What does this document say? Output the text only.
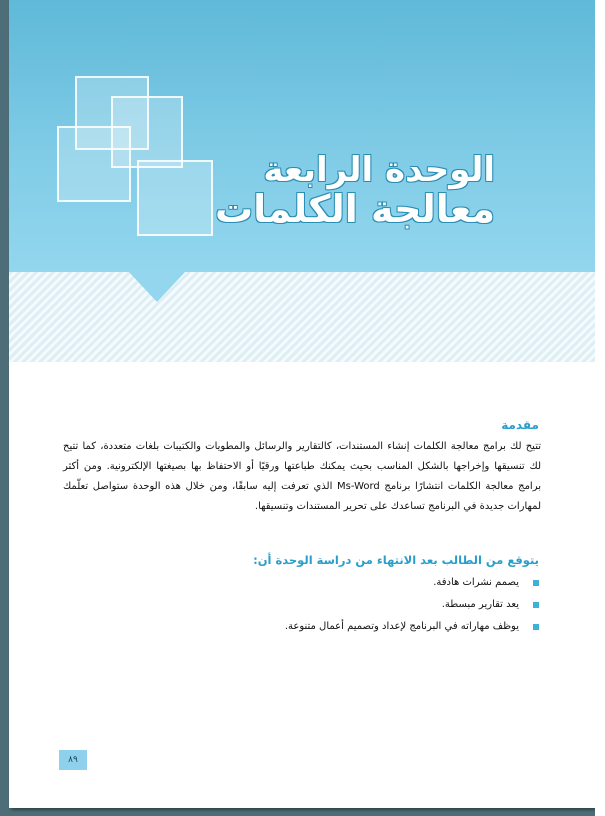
الوحدة الرابعة
معالجة الكلمات
مقدمة
تتيح لك برامج معالجة الكلمات إنشاء المستندات، كالتقارير والرسائل والمطويات والكتيبات بلغات متعددة، كما تتيح لك تنسيقها وإخراجها بالشكل المناسب بحيث يمكنك طباعتها ورقيًا أو الاحتفاظ بها بصيغتها الإلكترونية. ومن أكثر برامج معالجة الكلمات انتشارًا برنامج Ms-Word الذي تعرفت إليه سابقًا، ومن خلال هذه الوحدة ستواصل تعلّمك لمهارات جديدة في البرنامج تساعدك على تحرير المستندات وتنسيقها.
يتوقع من الطالب بعد الانتهاء من دراسة الوحدة أن:
يصمم نشرات هادفة.
يعد تقارير مبسطة.
يوظف مهاراته في البرنامج لإعداد وتصميم أعمال متنوعة.
٨٩
